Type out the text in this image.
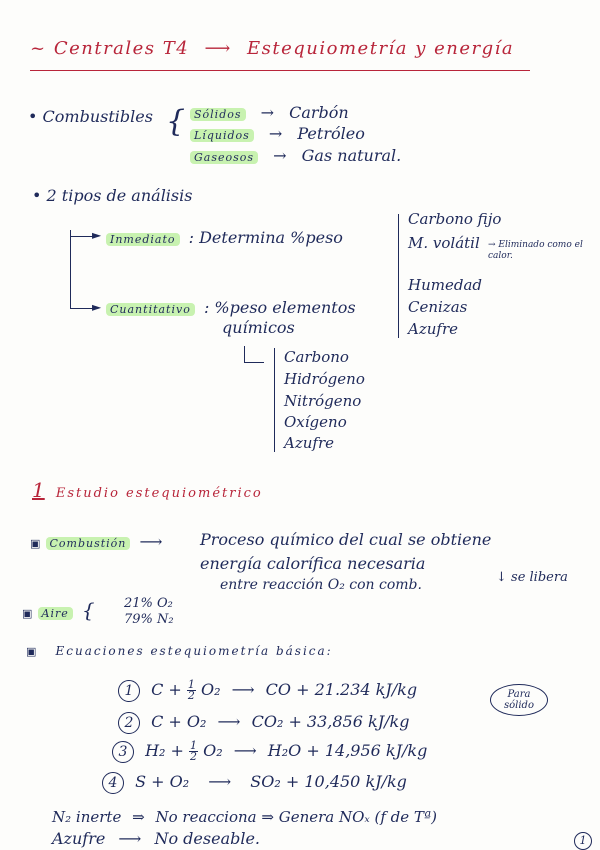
~ Centrales T4 ⟶ Estequiometría y energía
• Combustibles { Sólidos → Carbón
Líquidos → Petróleo
Gaseosos → Gas natural.
• 2 tipos de análisis
►
►
Inmediato : Determina %peso
Cuantitativo : %peso elementos
químicos
Carbono fijo
M. volátil → Eliminado como el calor.
Humedad
Cenizas
Azufre
Carbono
Hidrógeno
Nitrógeno
Oxígeno
Azufre
1 Estudio estequiométrico
▣ Combustión ⟶ Proceso químico del cual se obtiene
energía calorífica necesaria
entre reacción O₂ con comb.	↓ se libera
▣ Aire { 21% O₂
79% N₂
▣ Ecuaciones estequiometría básica:
1 $C + \frac{1}{2} O_2$ ⟶ CO + 21.234 kJ/kg
2 C + O₂ ⟶ CO₂ + 33,856 kJ/kg
3 $H_2 + \frac{1}{2} O_2$ ⟶ H₂O + 14,956 kJ/kg
4 S + O₂ ⟶ SO₂ + 10,450 kJ/kg
Para sólido
N₂ inerte ⇒ No reacciona ⇒ Genera NOₓ (f de Tª)
Azufre ⟶ No deseable.	1
